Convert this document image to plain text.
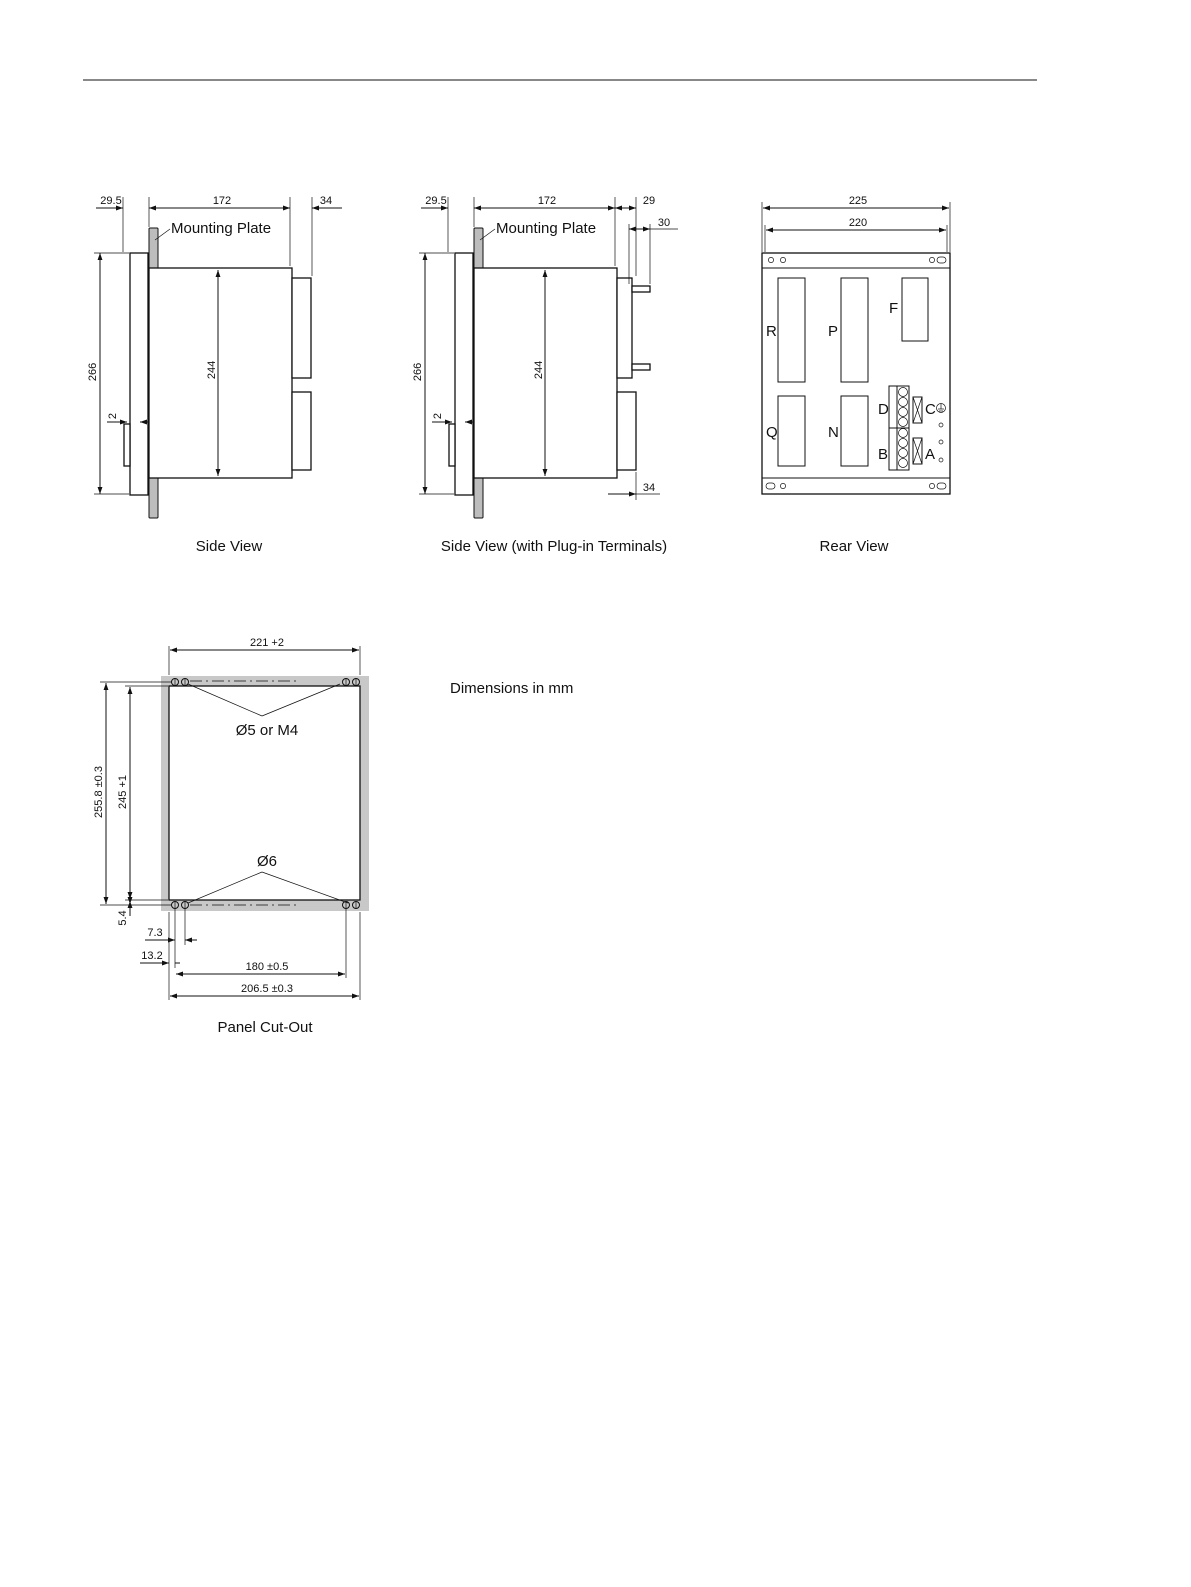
29.5	172	34
266	244
2
Mounting Plate
Side View
29.5	172	29
30
34
266	244
2
Mounting Plate
Side View (with Plug-in Terminals)
225
220
R	P
F
Q	N
D C
B A
Rear View
221 +2
255.8 ±0.3 245 +1
5.4
7.3
13.2
180 ±0.5
206.5 ±0.3
Ø5 or M4
Ø6
Panel Cut-Out
Dimensions in mm
